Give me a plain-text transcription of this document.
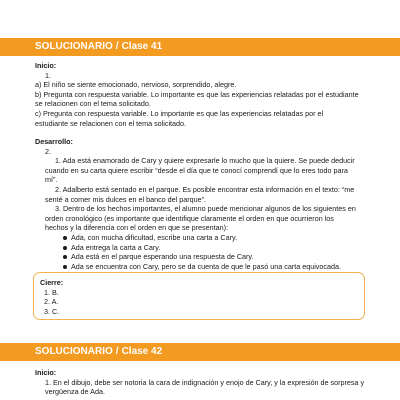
SOLUCIONARIO / Clase 41
Inicio:
1.
a) El niño se siente emocionado, nervioso, sorprendido, alegre.
b) Pregunta con respuesta variable. Lo importante es que las experiencias relatadas por el estudiante
se relacionen con el tema solicitado.
c) Pregunta con respuesta variable. Lo importante es que las experiencias relatadas por el
estudiante se relacionen con el tema solicitado.
Desarrollo:
2.
1. Ada está enamorado de Cary y quiere expresarle lo mucho que la quiere. Se puede deducir
cuando en su carta quiere escribir “desde el día que te conocí comprendí que lo eres todo para
mí”.
2. Adalberto está sentado en el parque. Es posible encontrar esta información en el texto: “me
senté a comer mis dulces en el banco del parque”.
3. Dentro de los hechos importantes, el alumno puede mencionar algunos de los siguientes en
orden cronológico (es importante que identifique claramente el orden en que ocurrieron los
hechos y la diferencia con el orden en que se presentan):
Ada, con mucha dificultad, escribe una carta a Cary.
Ada entrega la carta a Cary.
Ada está en el parque esperando una respuesta de Cary.
Ada se encuentra con Cary, pero se da cuenta de que le pasó una carta equivocada.
Cierre:
1. B.
2. A.
3. C.
SOLUCIONARIO / Clase 42
Inicio:
1. En el dibujo, debe ser notoria la cara de indignación y enojo de Cary, y la expresión de sorpresa y
vergüenza de Ada.
